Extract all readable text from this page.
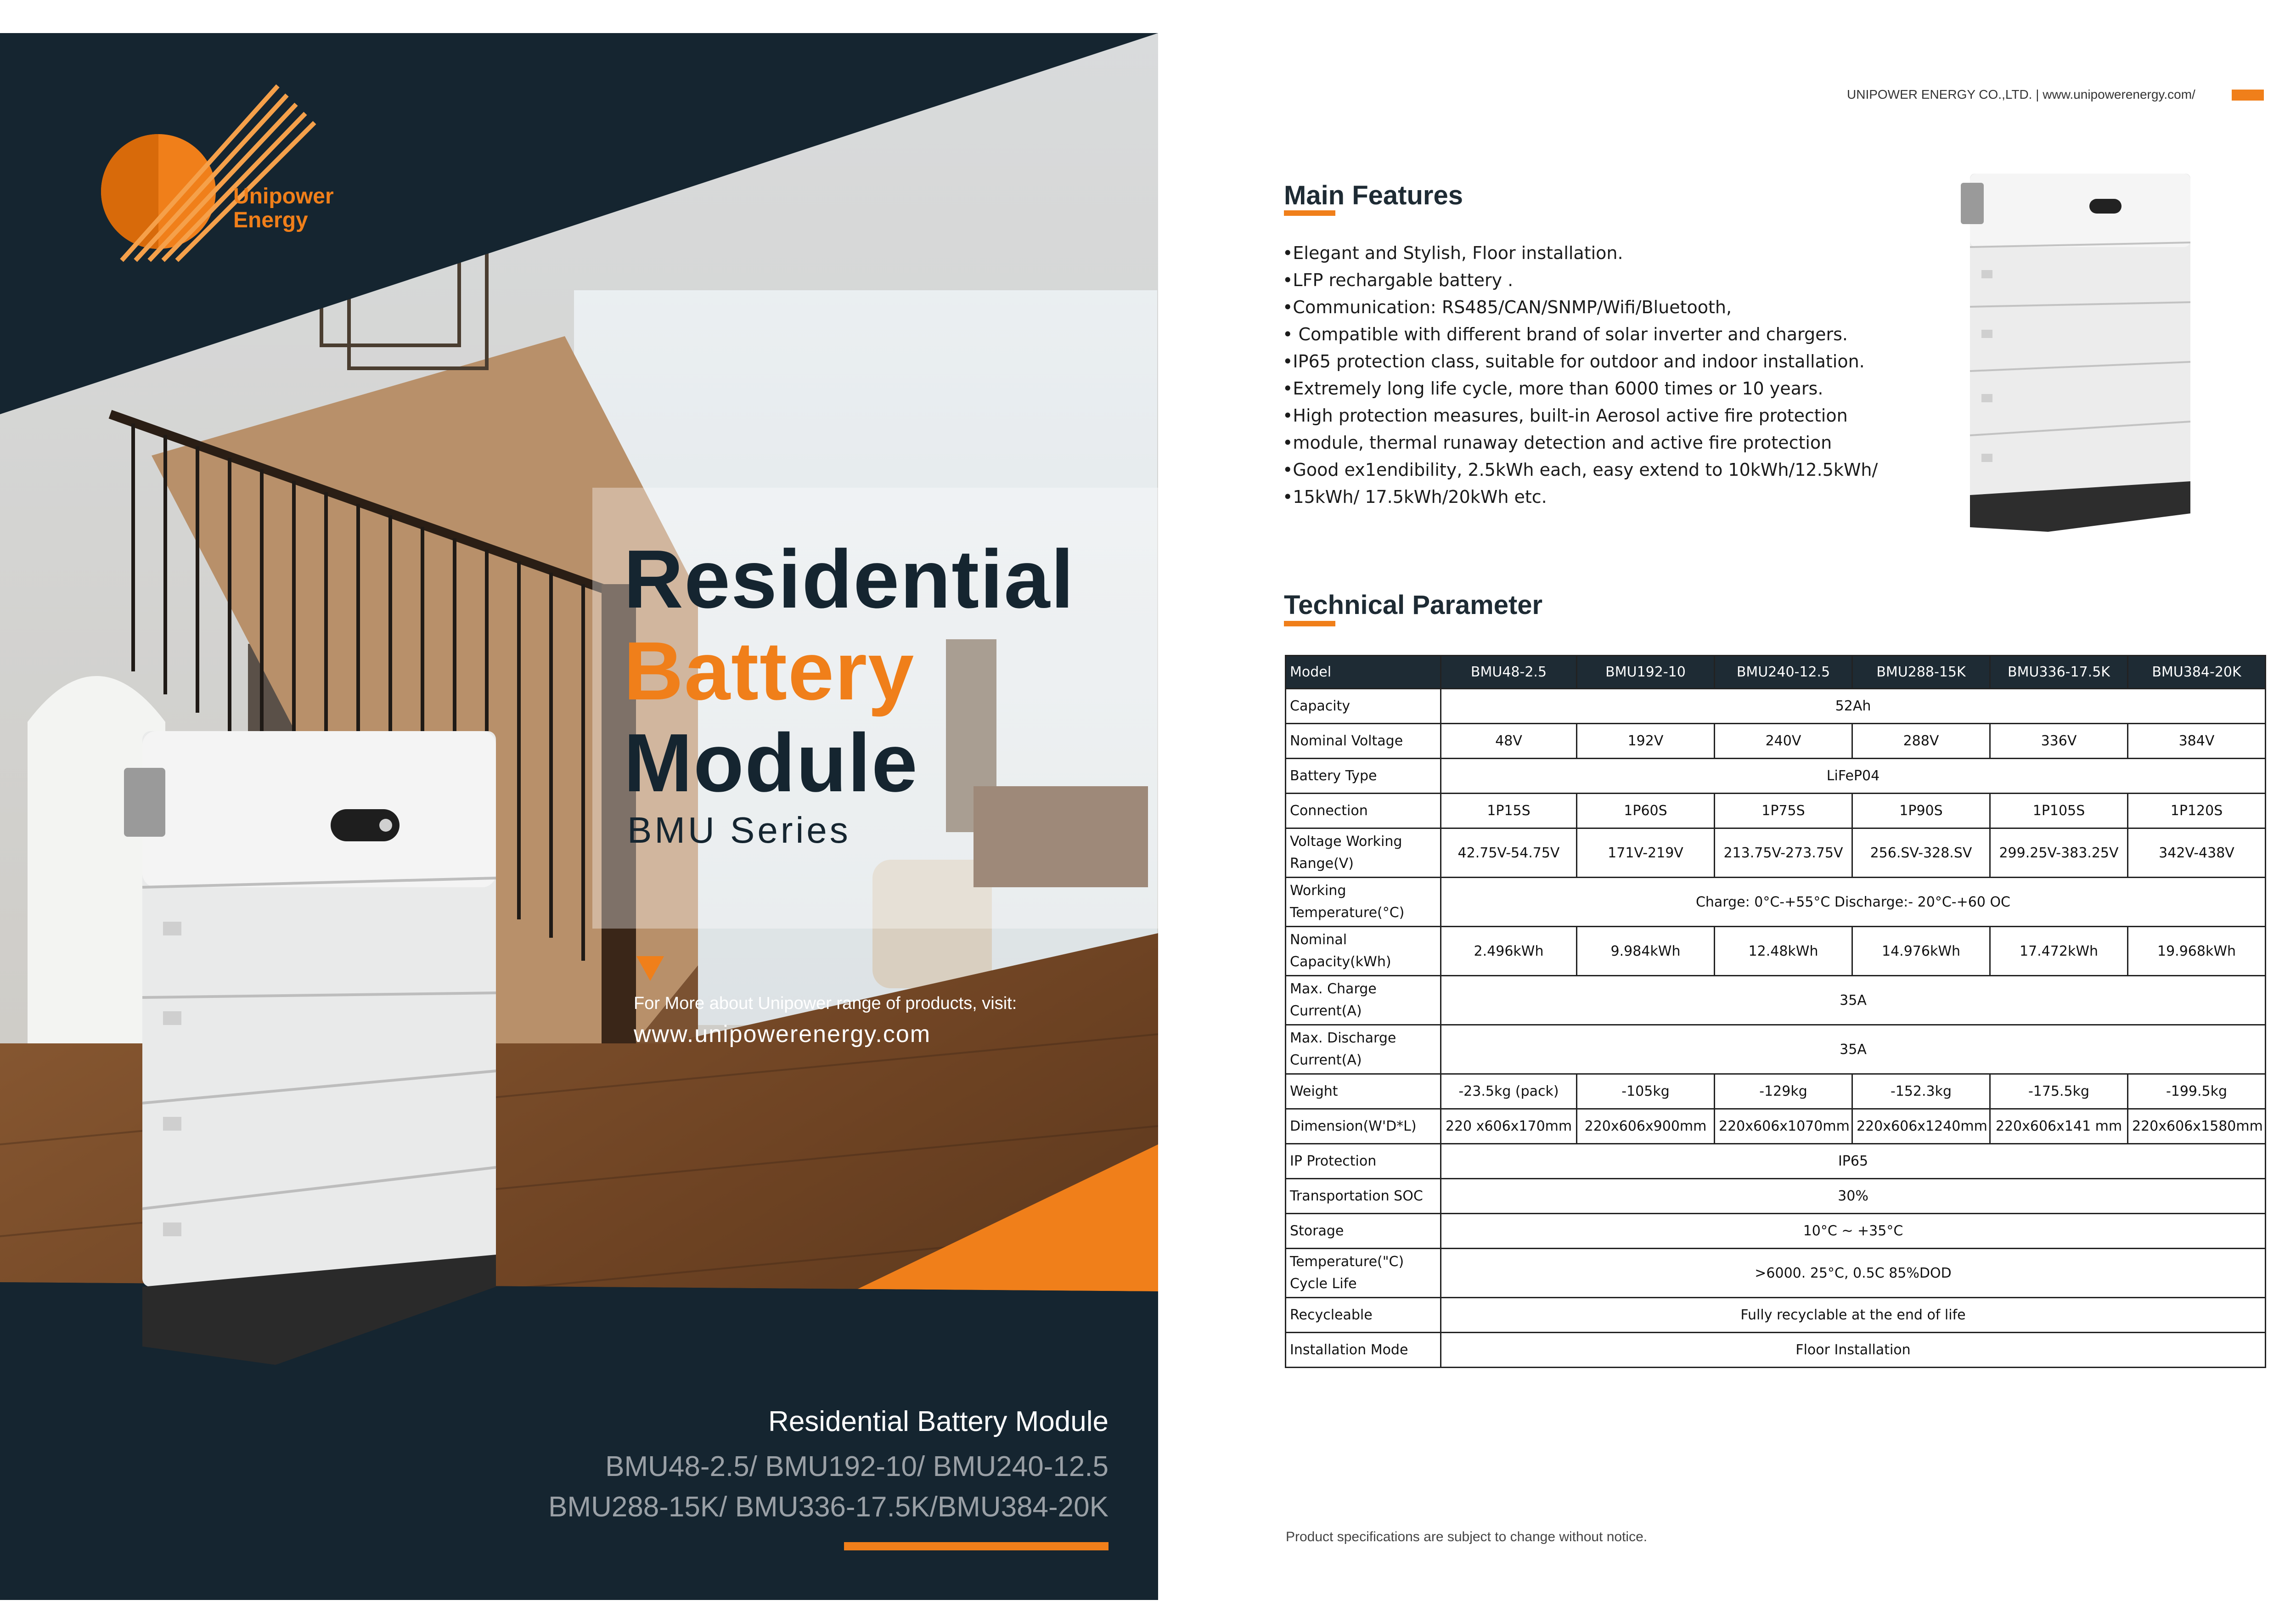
Unipower
Energy
Residential
Battery
Module
BMU Series
For More about Unipower range of products, visit:
www.unipowerenergy.com
Residential Battery Module
BMU48-2.5/ BMU192-10/ BMU240-12.5
BMU288-15K/ BMU336-17.5K/BMU384-20K
UNIPOWER ENERGY CO.,LTD. | www.unipowerenergy.com/
Main Features
• Elegant and Stylish, Floor installation.
• LFP rechargable battery .
• Communication: RS485/CAN/SNMP/Wifi/Bluetooth,
• Compatible with different brand of solar inverter and chargers.
• IP65 protection class, suitable for outdoor and indoor installation.
• Extremely long life cycle, more than 6000 times or 10 years.
• High protection measures, built-in Aerosol active fire protection
• module, thermal runaway detection and active fire protection
• Good ex1endibility, 2.5kWh each, easy extend to 10kWh/12.5kWh/
• 15kWh/ 17.5kWh/20kWh etc.
Technical Parameter
Model	BMU48-2.5	BMU192-10	BMU240-12.5	BMU288-15K	BMU336-17.5K	BMU384-20K
Capacity	52Ah					
Nominal Voltage	48V	192V	240V	288V	336V	384V
Battery Type	LiFeP04					
Connection	1P15S	1P60S	1P75S	1P90S	1P105S	1P120S
Voltage Working Range(V)	42.75V-54.75V	171V-219V	213.75V-273.75V	256.SV-328.SV	299.25V-383.25V	342V-438V
Working Temperature(°C)	Charge: 0°C-+55°C Discharge:- 20°C-+60 OC					
Nominal Capacity(kWh)	2.496kWh	9.984kWh	12.48kWh	14.976kWh	17.472kWh	19.968kWh
Max. Charge Current(A)	35A					
Max. Discharge Current(A)	35A					
Weight	-23.5kg (pack)	-105kg	-129kg	-152.3kg	-175.5kg	-199.5kg
Dimension(W'D*L)	220 x606x170mm	220x606x900mm	220x606x1070mm	220x606x1240mm	220x606x141 mm	220x606x1580mm
IP Protection	IP65					
Transportation SOC	30%					
Storage	10°C ~ +35°C					
Temperature("C) Cycle Life	>6000. 25°C, 0.5C 85%DOD					
Recycleable	Fully recyclable at the end of life					
Installation Mode	Floor Installation					
Product specifications are subject to change without notice.
